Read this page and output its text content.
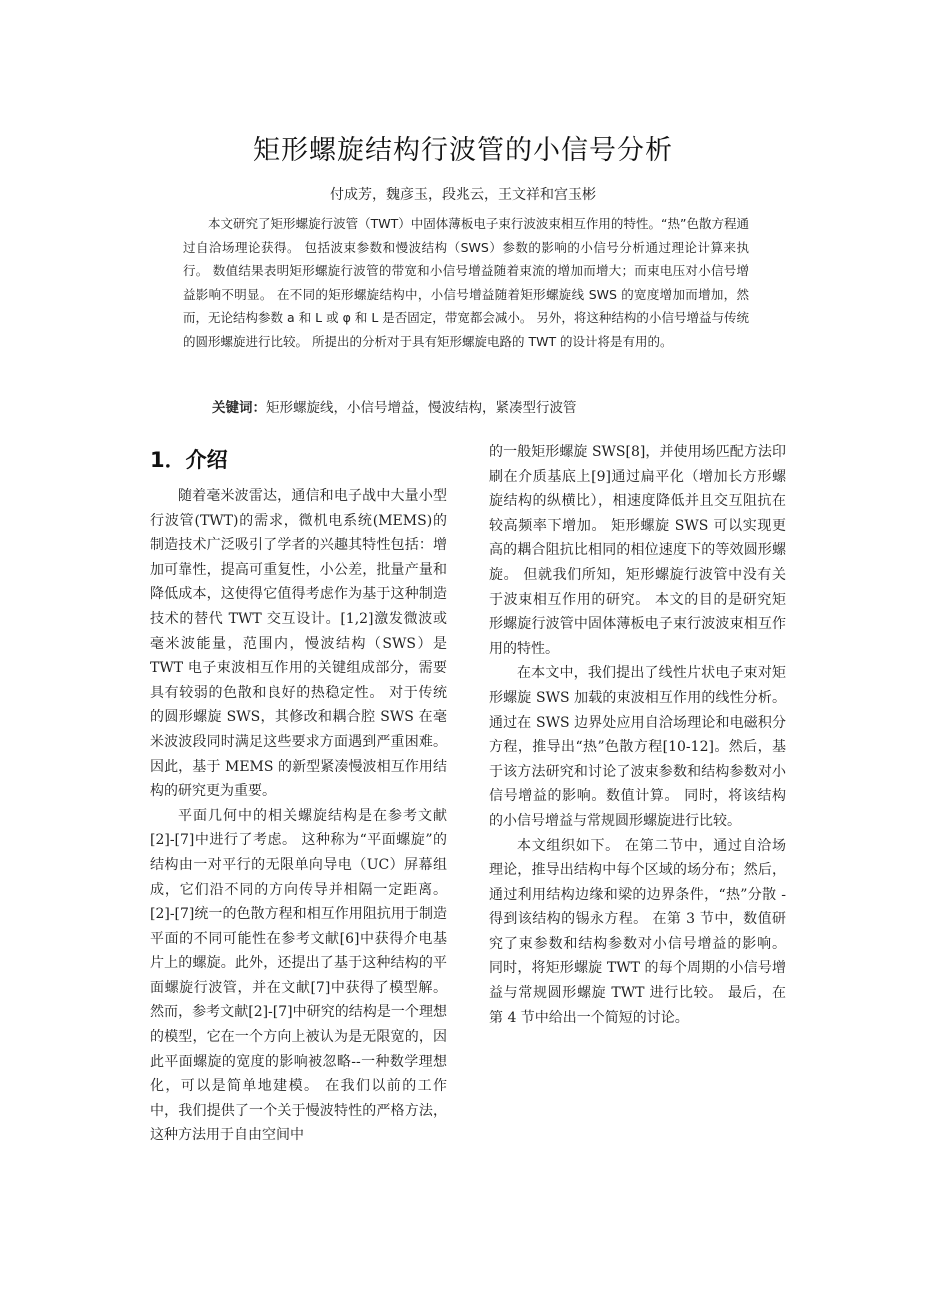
矩形螺旋结构行波管的小信号分析
付成芳，魏彦玉，段兆云，王文祥和宫玉彬
本文研究了矩形螺旋行波管（TWT）中固体薄板电子束行波波束相互作用的特性。“热”色散方程通过自洽场理论获得。 包括波束参数和慢波结构（SWS）参数的影响的小信号分析通过理论计算来执行。 数值结果表明矩形螺旋行波管的带宽和小信号增益随着束流的增加而增大；而束电压对小信号增益影响不明显。 在不同的矩形螺旋结构中，小信号增益随着矩形螺旋线 SWS 的宽度增加而增加，然而，无论结构参数 a 和 L 或 φ 和 L 是否固定，带宽都会减小。 另外，将这种结构的小信号增益与传统的圆形螺旋进行比较。 所提出的分析对于具有矩形螺旋电路的 TWT 的设计将是有用的。
关键词：矩形螺旋线，小信号增益，慢波结构，紧凑型行波管
1．介绍

随着毫米波雷达，通信和电子战中大量小型行波管(TWT)的需求，微机电系统(MEMS)的制造技术广泛吸引了学者的兴趣其特性包括：增加可靠性，提高可重复性，小公差，批量产量和降低成本，这使得它值得考虑作为基于这种制造技术的替代 TWT 交互设计。[1,2]激发微波或毫米波能量，范围内，慢波结构（SWS）是 TWT 电子束波相互作用的关键组成部分，需要具有较弱的色散和良好的热稳定性。 对于传统的圆形螺旋 SWS，其修改和耦合腔 SWS 在毫米波波段同时满足这些要求方面遇到严重困难。因此，基于 MEMS 的新型紧凑慢波相互作用结构的研究更为重要。

平面几何中的相关螺旋结构是在参考文献[2]-[7]中进行了考虑。 这种称为“平面螺旋”的结构由一对平行的无限单向导电（UC）屏幕组成，它们沿不同的方向传导并相隔一定距离。 [2]-[7]统一的色散方程和相互作用阻抗用于制造平面的不同可能性在参考文献[6]中获得介电基片上的螺旋。此外，还提出了基于这种结构的平面螺旋行波管，并在文献[7]中获得了模型解。 然而，参考文献[2]-[7]中研究的结构是一个理想的模型，它在一个方向上被认为是无限宽的，因此平面螺旋的宽度的影响被忽略--一种数学理想化，可以是简单地建模。 在我们以前的工作中，我们提供了一个关于慢波特性的严格方法，这种方法用于自由空间中

的一般矩形螺旋 SWS[8]，并使用场匹配方法印刷在介质基底上[9]通过扁平化（增加长方形螺旋结构的纵横比），相速度降低并且交互阻抗在较高频率下增加。 矩形螺旋 SWS 可以实现更高的耦合阻抗比相同的相位速度下的等效圆形螺旋。 但就我们所知，矩形螺旋行波管中没有关于波束相互作用的研究。 本文的目的是研究矩形螺旋行波管中固体薄板电子束行波波束相互作用的特性。

在本文中，我们提出了线性片状电子束对矩形螺旋 SWS 加载的束波相互作用的线性分析。 通过在 SWS 边界处应用自洽场理论和电磁积分方程，推导出“热”色散方程[10-12]。然后，基于该方法研究和讨论了波束参数和结构参数对小信号增益的影响。数值计算。 同时，将该结构的小信号增益与常规圆形螺旋进行比较。

本文组织如下。 在第二节中，通过自洽场理论，推导出结构中每个区域的场分布；然后，通过利用结构边缘和梁的边界条件，“热”分散 -得到该结构的锡永方程。 在第 3 节中，数值研究了束参数和结构参数对小信号增益的影响。 同时，将矩形螺旋 TWT 的每个周期的小信号增益与常规圆形螺旋 TWT 进行比较。 最后，在第 4 节中给出一个简短的讨论。
